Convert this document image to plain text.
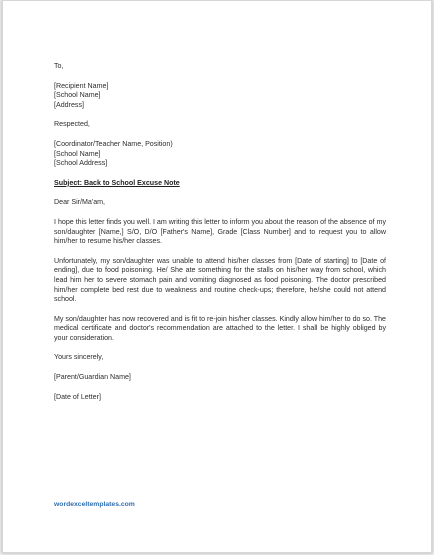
To,
[Recipient Name]
[School Name]
[Address]
Respected,
[Coordinator/Teacher Name, Position)
[School Name]
[School Address]
Subject: Back to School Excuse Note
Dear Sir/Ma'am,
I hope this letter finds you well. I am writing this letter to inform you about the reason of the absence of my son/daughter [Name,] S/O, D/O [Father's Name], Grade [Class Number] and to request you to allow him/her to resume his/her classes.
Unfortunately, my son/daughter was unable to attend his/her classes from [Date of starting] to [Date of ending], due to food poisoning. He/ She ate something for the stalls on his/her way from school, which lead him her to severe stomach pain and vomiting diagnosed as food poisoning. The doctor prescribed him/her complete bed rest due to weakness and routine check-ups; therefore, he/she could not attend school.
My son/daughter has now recovered and is fit to re-join his/her classes. Kindly allow him/her to do so. The medical certificate and doctor's recommendation are attached to the letter. I shall be highly obliged by your consideration.
Yours sincerely,
[Parent/Guardian Name]
[Date of Letter]
wordexceltemplates.com
